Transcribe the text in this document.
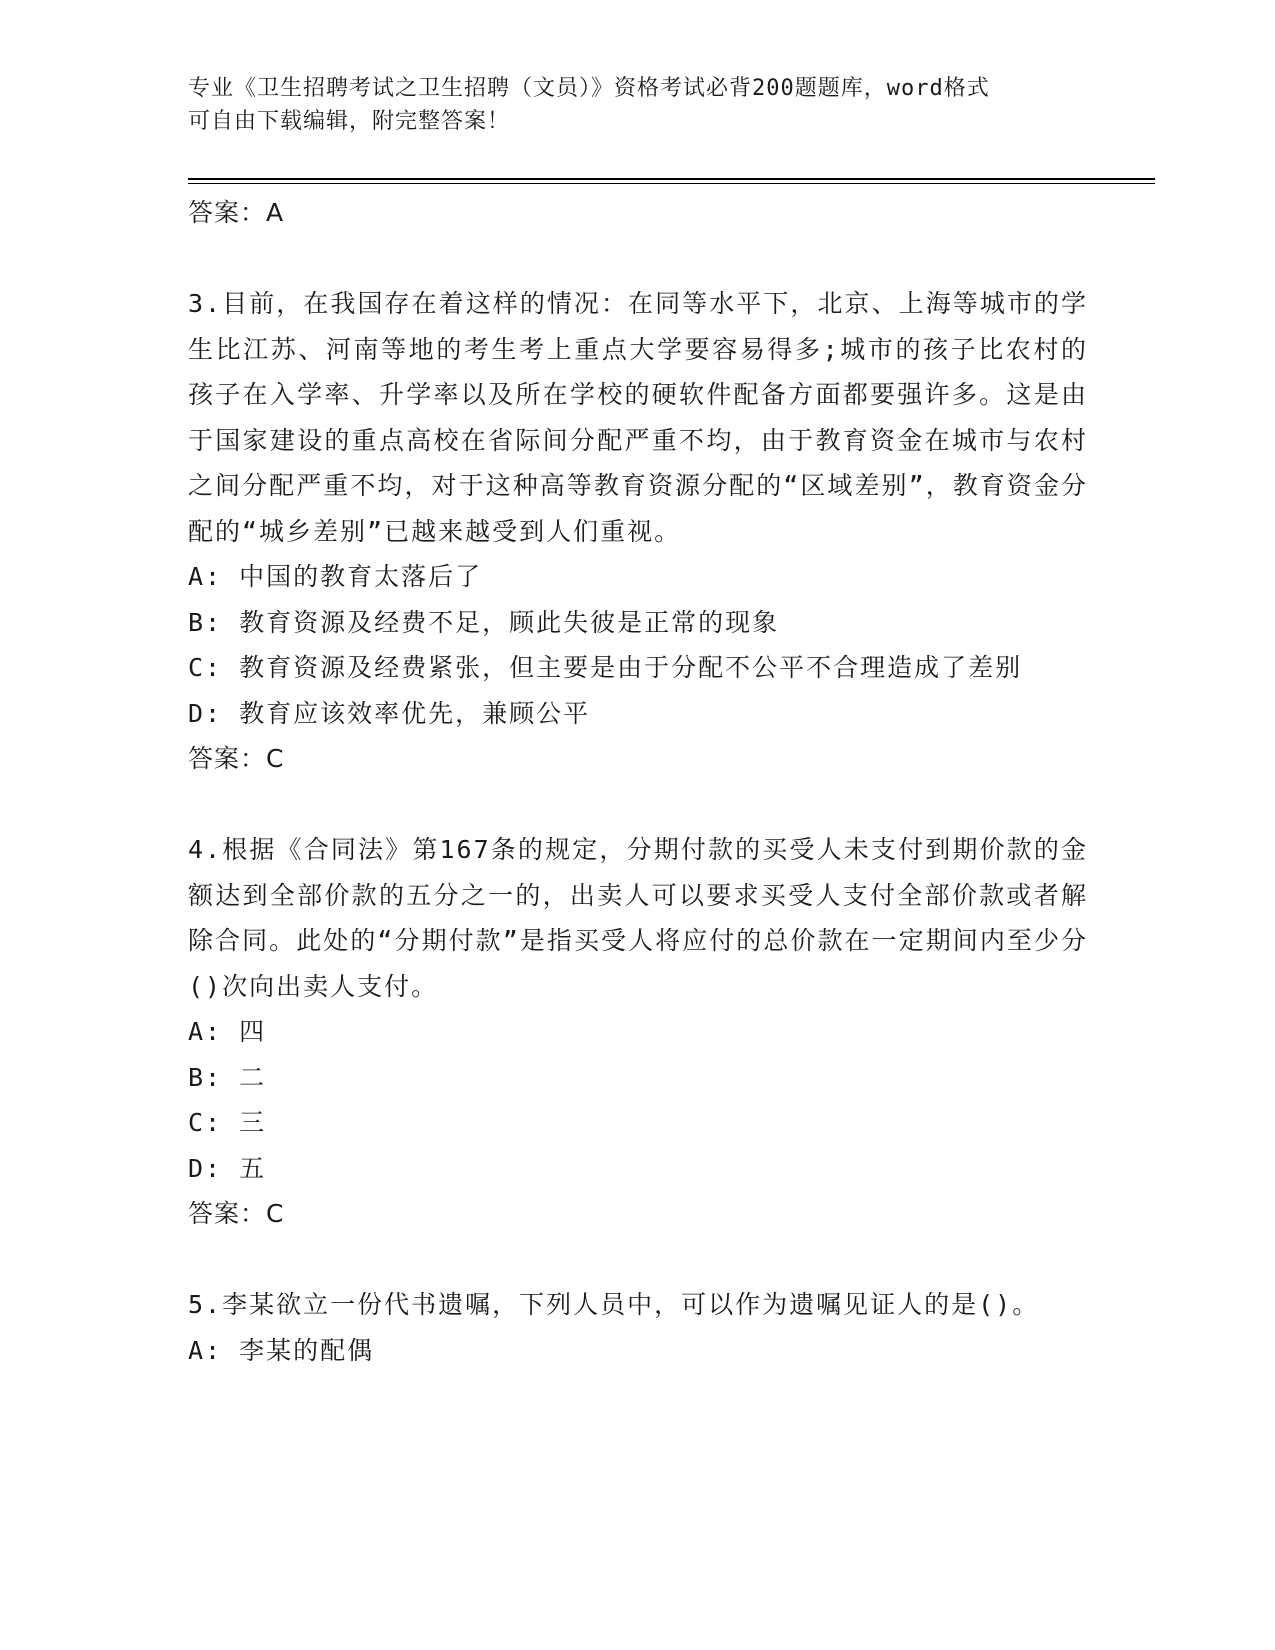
专业《卫生招聘考试之卫生招聘（文员）》资格考试必背200题题库，word格式
可自由下载编辑，附完整答案！

答案：A

3.目前，在我国存在着这样的情况：在同等水平下，北京、上海等城市的学生比江苏、河南等地的考生考上重点大学要容易得多;城市的孩子比农村的孩子在入学率、升学率以及所在学校的硬软件配备方面都要强许多。这是由于国家建设的重点高校在省际间分配严重不均，由于教育资金在城市与农村之间分配严重不均，对于这种高等教育资源分配的“区域差别”，教育资金分配的“城乡差别”已越来越受到人们重视。

A: 中国的教育太落后了

B: 教育资源及经费不足，顾此失彼是正常的现象

C: 教育资源及经费紧张，但主要是由于分配不公平不合理造成了差别

D: 教育应该效率优先，兼顾公平

答案：C

4.根据《合同法》第167条的规定，分期付款的买受人未支付到期价款的金额达到全部价款的五分之一的，出卖人可以要求买受人支付全部价款或者解除合同。此处的“分期付款”是指买受人将应付的总价款在一定期间内至少分()次向出卖人支付。

A: 四

B: 二

C: 三

D: 五

答案：C

5.李某欲立一份代书遗嘱，下列人员中，可以作为遗嘱见证人的是()。

A: 李某的配偶
